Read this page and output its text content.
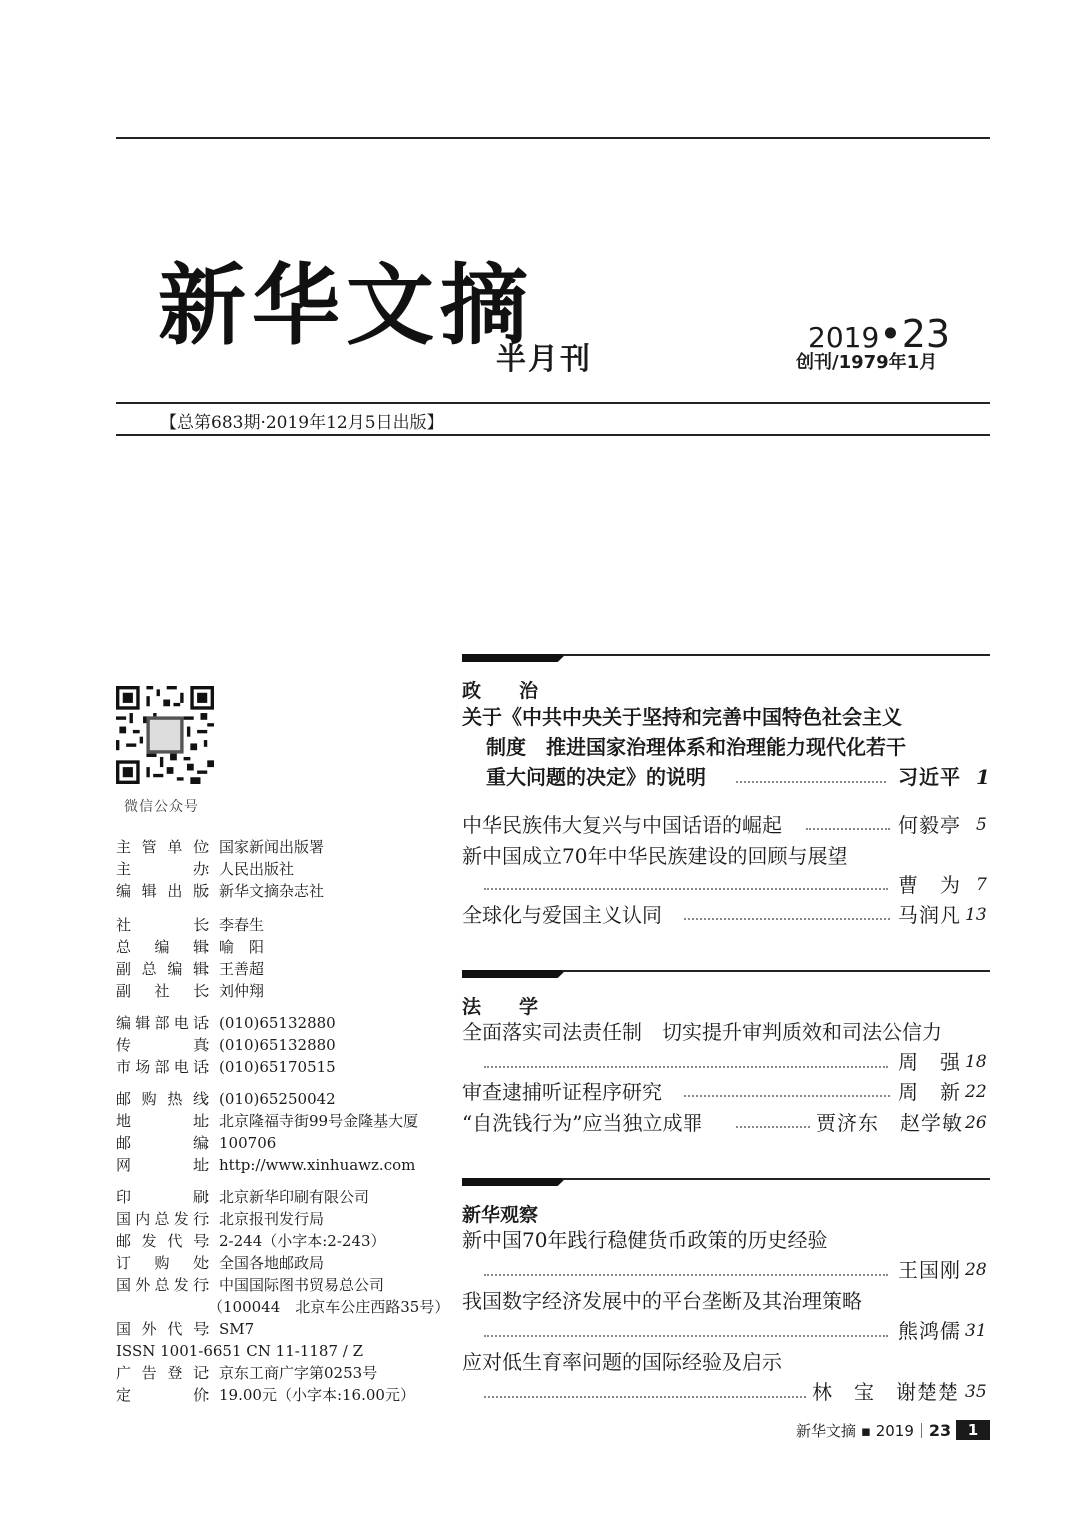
新华文摘
半月刊
2019•23
创刊/1979年1月
【总第683期·2019年12月5日出版】
微信公众号
主管单位：国家新闻出版署
主　　办：人民出版社
编辑出版：新华文摘杂志社
社　　长：李春生
总编辑：喻　阳
副总编辑：王善超
副社长：刘仲翔
编辑部电话：(010)65132880
传　　真：(010)65132880
市场部电话：(010)65170515
邮购热线：(010)65250042
地　　址：北京隆福寺街99号金隆基大厦
邮　　编：100706
网　　址：http://www.xinhuawz.com
印　　刷：北京新华印刷有限公司
国内总发行：北京报刊发行局
邮发代号：2-244（小字本:2-243）
订购处：全国各地邮政局
国外总发行：中国国际图书贸易总公司
（100044　北京车公庄西路35号）
国外代号：SM7
ISSN 1001-6651 CN 11-1187 / Z
广告登记：京东工商广字第0253号
定　　价：19.00元（小字本:16.00元）
政　　治
关于《中共中央关于坚持和完善中国特色社会主义
制度　推进国家治理体系和治理能力现代化若干
重大问题的决定》的说明	习近平 1
中华民族伟大复兴与中国话语的崛起	何毅亭 5
新中国成立70年中华民族建设的回顾与展望
曹　为 7
全球化与爱国主义认同	马润凡 13
法　　学
全面落实司法责任制　切实提升审判质效和司法公信力
周　强 18
审查逮捕听证程序研究	周　新 22
“自洗钱行为”应当独立成罪	贾济东　赵学敏 26
新华观察
新中国70年践行稳健货币政策的历史经验
王国刚 28
我国数字经济发展中的平台垄断及其治理策略
熊鸿儒 31
应对低生育率问题的国际经验及启示
林　宝　谢楚楚 35
新华文摘 ▪ 2019｜23	1
